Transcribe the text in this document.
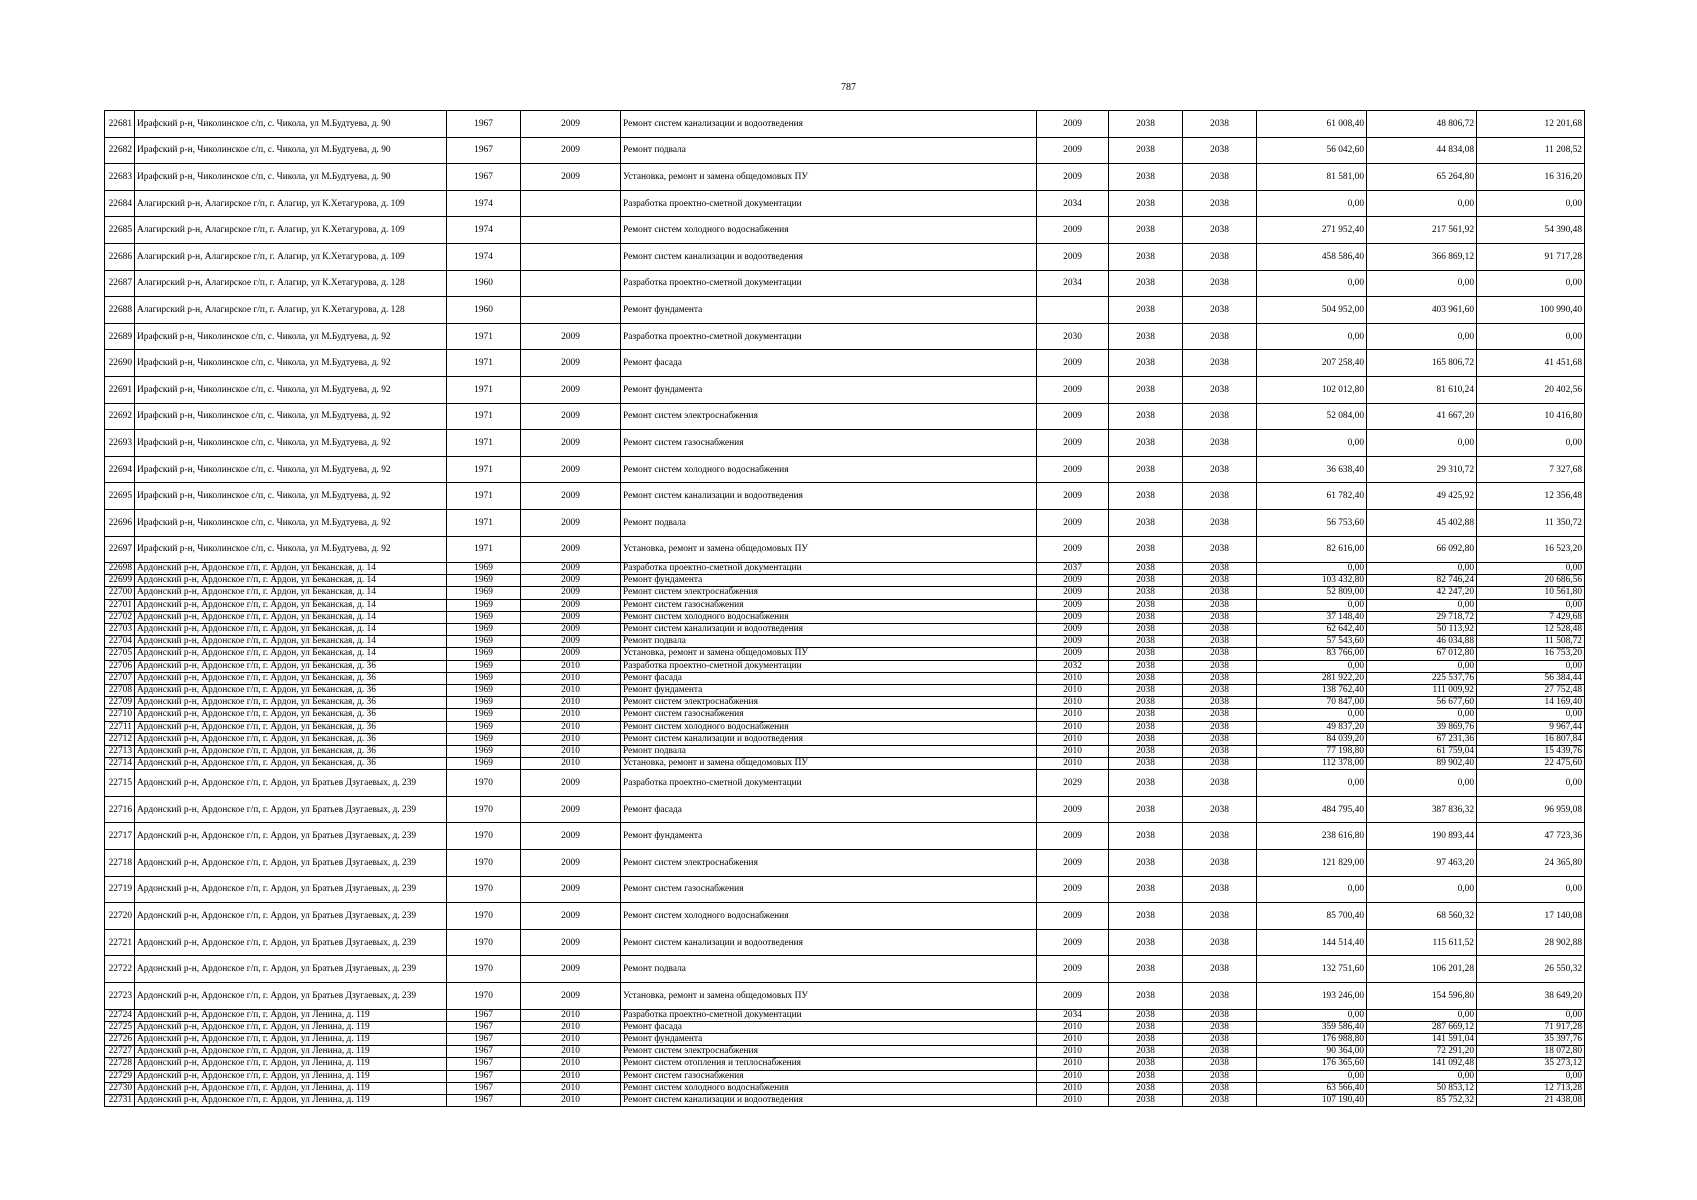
787
22681	Ирафский р-н, Чиколинское с/п, с. Чикола, ул М.Будтуева, д. 90	1967	2009	Ремонт систем канализации и водоотведения	2009	2038	2038	61 008,40	48 806,72	12 201,68
22682	Ирафский р-н, Чиколинское с/п, с. Чикола, ул М.Будтуева, д. 90	1967	2009	Ремонт подвала	2009	2038	2038	56 042,60	44 834,08	11 208,52
22683	Ирафский р-н, Чиколинское с/п, с. Чикола, ул М.Будтуева, д. 90	1967	2009	Установка, ремонт и замена общедомовых ПУ	2009	2038	2038	81 581,00	65 264,80	16 316,20
22684	Алагирский р-н, Алагирское г/п, г. Алагир, ул К.Хетагурова, д. 109	1974		Разработка проектно-сметной документации	2034	2038	2038	0,00	0,00	0,00
22685	Алагирский р-н, Алагирское г/п, г. Алагир, ул К.Хетагурова, д. 109	1974		Ремонт систем холодного водоснабжения	2009	2038	2038	271 952,40	217 561,92	54 390,48
22686	Алагирский р-н, Алагирское г/п, г. Алагир, ул К.Хетагурова, д. 109	1974		Ремонт систем канализации и водоотведения	2009	2038	2038	458 586,40	366 869,12	91 717,28
22687	Алагирский р-н, Алагирское г/п, г. Алагир, ул К.Хетагурова, д. 128	1960		Разработка проектно-сметной документации	2034	2038	2038	0,00	0,00	0,00
22688	Алагирский р-н, Алагирское г/п, г. Алагир, ул К.Хетагурова, д. 128	1960		Ремонт фундамента		2038	2038	504 952,00	403 961,60	100 990,40
22689	Ирафский р-н, Чиколинское с/п, с. Чикола, ул М.Будтуева, д. 92	1971	2009	Разработка проектно-сметной документации	2030	2038	2038	0,00	0,00	0,00
22690	Ирафский р-н, Чиколинское с/п, с. Чикола, ул М.Будтуева, д. 92	1971	2009	Ремонт фасада	2009	2038	2038	207 258,40	165 806,72	41 451,68
22691	Ирафский р-н, Чиколинское с/п, с. Чикола, ул М.Будтуева, д. 92	1971	2009	Ремонт фундамента	2009	2038	2038	102 012,80	81 610,24	20 402,56
22692	Ирафский р-н, Чиколинское с/п, с. Чикола, ул М.Будтуева, д. 92	1971	2009	Ремонт систем электроснабжения	2009	2038	2038	52 084,00	41 667,20	10 416,80
22693	Ирафский р-н, Чиколинское с/п, с. Чикола, ул М.Будтуева, д. 92	1971	2009	Ремонт систем газоснабжения	2009	2038	2038	0,00	0,00	0,00
22694	Ирафский р-н, Чиколинское с/п, с. Чикола, ул М.Будтуева, д. 92	1971	2009	Ремонт систем холодного водоснабжения	2009	2038	2038	36 638,40	29 310,72	7 327,68
22695	Ирафский р-н, Чиколинское с/п, с. Чикола, ул М.Будтуева, д. 92	1971	2009	Ремонт систем канализации и водоотведения	2009	2038	2038	61 782,40	49 425,92	12 356,48
22696	Ирафский р-н, Чиколинское с/п, с. Чикола, ул М.Будтуева, д. 92	1971	2009	Ремонт подвала	2009	2038	2038	56 753,60	45 402,88	11 350,72
22697	Ирафский р-н, Чиколинское с/п, с. Чикола, ул М.Будтуева, д. 92	1971	2009	Установка, ремонт и замена общедомовых ПУ	2009	2038	2038	82 616,00	66 092,80	16 523,20
22698	Ардонский р-н, Ардонское г/п, г. Ардон, ул Беканская, д. 14	1969	2009	Разработка проектно-сметной документации	2037	2038	2038	0,00	0,00	0,00
22699	Ардонский р-н, Ардонское г/п, г. Ардон, ул Беканская, д. 14	1969	2009	Ремонт фундамента	2009	2038	2038	103 432,80	82 746,24	20 686,56
22700	Ардонский р-н, Ардонское г/п, г. Ардон, ул Беканская, д. 14	1969	2009	Ремонт систем электроснабжения	2009	2038	2038	52 809,00	42 247,20	10 561,80
22701	Ардонский р-н, Ардонское г/п, г. Ардон, ул Беканская, д. 14	1969	2009	Ремонт систем газоснабжения	2009	2038	2038	0,00	0,00	0,00
22702	Ардонский р-н, Ардонское г/п, г. Ардон, ул Беканская, д. 14	1969	2009	Ремонт систем холодного водоснабжения	2009	2038	2038	37 148,40	29 718,72	7 429,68
22703	Ардонский р-н, Ардонское г/п, г. Ардон, ул Беканская, д. 14	1969	2009	Ремонт систем канализации и водоотведения	2009	2038	2038	62 642,40	50 113,92	12 528,48
22704	Ардонский р-н, Ардонское г/п, г. Ардон, ул Беканская, д. 14	1969	2009	Ремонт подвала	2009	2038	2038	57 543,60	46 034,88	11 508,72
22705	Ардонский р-н, Ардонское г/п, г. Ардон, ул Беканская, д. 14	1969	2009	Установка, ремонт и замена общедомовых ПУ	2009	2038	2038	83 766,00	67 012,80	16 753,20
22706	Ардонский р-н, Ардонское г/п, г. Ардон, ул Беканская, д. 36	1969	2010	Разработка проектно-сметной документации	2032	2038	2038	0,00	0,00	0,00
22707	Ардонский р-н, Ардонское г/п, г. Ардон, ул Беканская, д. 36	1969	2010	Ремонт фасада	2010	2038	2038	281 922,20	225 537,76	56 384,44
22708	Ардонский р-н, Ардонское г/п, г. Ардон, ул Беканская, д. 36	1969	2010	Ремонт фундамента	2010	2038	2038	138 762,40	111 009,92	27 752,48
22709	Ардонский р-н, Ардонское г/п, г. Ардон, ул Беканская, д. 36	1969	2010	Ремонт систем электроснабжения	2010	2038	2038	70 847,00	56 677,60	14 169,40
22710	Ардонский р-н, Ардонское г/п, г. Ардон, ул Беканская, д. 36	1969	2010	Ремонт систем газоснабжения	2010	2038	2038	0,00	0,00	0,00
22711	Ардонский р-н, Ардонское г/п, г. Ардон, ул Беканская, д. 36	1969	2010	Ремонт систем холодного водоснабжения	2010	2038	2038	49 837,20	39 869,76	9 967,44
22712	Ардонский р-н, Ардонское г/п, г. Ардон, ул Беканская, д. 36	1969	2010	Ремонт систем канализации и водоотведения	2010	2038	2038	84 039,20	67 231,36	16 807,84
22713	Ардонский р-н, Ардонское г/п, г. Ардон, ул Беканская, д. 36	1969	2010	Ремонт подвала	2010	2038	2038	77 198,80	61 759,04	15 439,76
22714	Ардонский р-н, Ардонское г/п, г. Ардон, ул Беканская, д. 36	1969	2010	Установка, ремонт и замена общедомовых ПУ	2010	2038	2038	112 378,00	89 902,40	22 475,60
22715	Ардонский р-н, Ардонское г/п, г. Ардон, ул Братьев Дзугаевых, д. 239	1970	2009	Разработка проектно-сметной документации	2029	2038	2038	0,00	0,00	0,00
22716	Ардонский р-н, Ардонское г/п, г. Ардон, ул Братьев Дзугаевых, д. 239	1970	2009	Ремонт фасада	2009	2038	2038	484 795,40	387 836,32	96 959,08
22717	Ардонский р-н, Ардонское г/п, г. Ардон, ул Братьев Дзугаевых, д. 239	1970	2009	Ремонт фундамента	2009	2038	2038	238 616,80	190 893,44	47 723,36
22718	Ардонский р-н, Ардонское г/п, г. Ардон, ул Братьев Дзугаевых, д. 239	1970	2009	Ремонт систем электроснабжения	2009	2038	2038	121 829,00	97 463,20	24 365,80
22719	Ардонский р-н, Ардонское г/п, г. Ардон, ул Братьев Дзугаевых, д. 239	1970	2009	Ремонт систем газоснабжения	2009	2038	2038	0,00	0,00	0,00
22720	Ардонский р-н, Ардонское г/п, г. Ардон, ул Братьев Дзугаевых, д. 239	1970	2009	Ремонт систем холодного водоснабжения	2009	2038	2038	85 700,40	68 560,32	17 140,08
22721	Ардонский р-н, Ардонское г/п, г. Ардон, ул Братьев Дзугаевых, д. 239	1970	2009	Ремонт систем канализации и водоотведения	2009	2038	2038	144 514,40	115 611,52	28 902,88
22722	Ардонский р-н, Ардонское г/п, г. Ардон, ул Братьев Дзугаевых, д. 239	1970	2009	Ремонт подвала	2009	2038	2038	132 751,60	106 201,28	26 550,32
22723	Ардонский р-н, Ардонское г/п, г. Ардон, ул Братьев Дзугаевых, д. 239	1970	2009	Установка, ремонт и замена общедомовых ПУ	2009	2038	2038	193 246,00	154 596,80	38 649,20
22724	Ардонский р-н, Ардонское г/п, г. Ардон, ул Ленина, д. 119	1967	2010	Разработка проектно-сметной документации	2034	2038	2038	0,00	0,00	0,00
22725	Ардонский р-н, Ардонское г/п, г. Ардон, ул Ленина, д. 119	1967	2010	Ремонт фасада	2010	2038	2038	359 586,40	287 669,12	71 917,28
22726	Ардонский р-н, Ардонское г/п, г. Ардон, ул Ленина, д. 119	1967	2010	Ремонт фундамента	2010	2038	2038	176 988,80	141 591,04	35 397,76
22727	Ардонский р-н, Ардонское г/п, г. Ардон, ул Ленина, д. 119	1967	2010	Ремонт систем электроснабжения	2010	2038	2038	90 364,00	72 291,20	18 072,80
22728	Ардонский р-н, Ардонское г/п, г. Ардон, ул Ленина, д. 119	1967	2010	Ремонт систем отопления и теплоснабжения	2010	2038	2038	176 365,60	141 092,48	35 273,12
22729	Ардонский р-н, Ардонское г/п, г. Ардон, ул Ленина, д. 119	1967	2010	Ремонт систем газоснабжения	2010	2038	2038	0,00	0,00	0,00
22730	Ардонский р-н, Ардонское г/п, г. Ардон, ул Ленина, д. 119	1967	2010	Ремонт систем холодного водоснабжения	2010	2038	2038	63 566,40	50 853,12	12 713,28
22731	Ардонский р-н, Ардонское г/п, г. Ардон, ул Ленина, д. 119	1967	2010	Ремонт систем канализации и водоотведения	2010	2038	2038	107 190,40	85 752,32	21 438,08
